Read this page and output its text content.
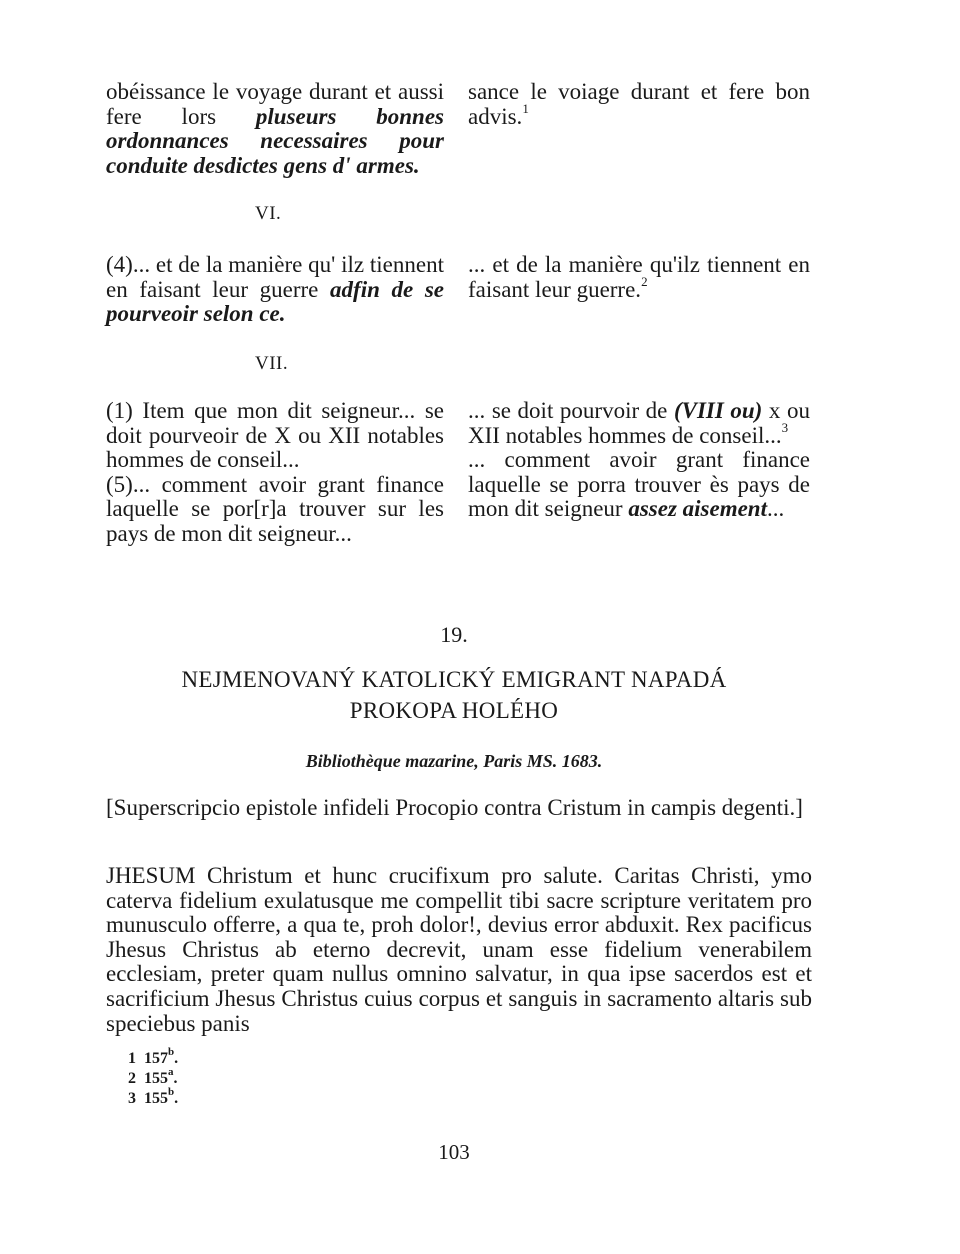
obéissance le voyage durant et aussi fere lors pluseurs bonnes ordonnances necessaires pour conduite desdictes gens d' armes.

sance le voiage durant et fere bon advis.$^1$

VI.

(4)... et de la manière qu' ilz tiennent en faisant leur guerre adfin de se pourveoir selon ce.

... et de la manière qu'ilz tiennent en faisant leur guerre.$^2$

VII.

(1) Item que mon dit seigneur... se doit pourveoir de X ou XII notables hommes de conseil...

(5)... comment avoir grant finance laquelle se por[r]a trouver sur les pays de mon dit seigneur...

... se doit pourvoir de (VIII ou) x ou XII notables hommes de conseil...$^3$

... comment avoir grant finance laquelle se porra trouver ès pays de mon dit seigneur assez aisement...

19.
NEJMENOVANÝ KATOLICKÝ EMIGRANT NAPADÁ
PROKOPA HOLÉHO
Bibliothèque mazarine, Paris MS. 1683.

[Superscripcio epistole infideli Procopio contra Cristum in campis degenti.]

JHESUM Christum et hunc crucifixum pro salute. Caritas Christi, ymo caterva fidelium exulatusque me compellit tibi sacre scripture veritatem pro munusculo offerre, a qua te, proh dolor!, devius error abduxit. Rex pacificus Jhesus Christus ab eterno decrevit, unam esse fidelium venerabilem ecclesiam, preter quam nullus omnino salvatur, in qua ipse sacerdos est et sacrificium Jhesus Christus cuius corpus et sanguis in sacramento altaris sub speciebus panis

1 157$^b$.
2 155$^a$.
3 155$^b$.
103
